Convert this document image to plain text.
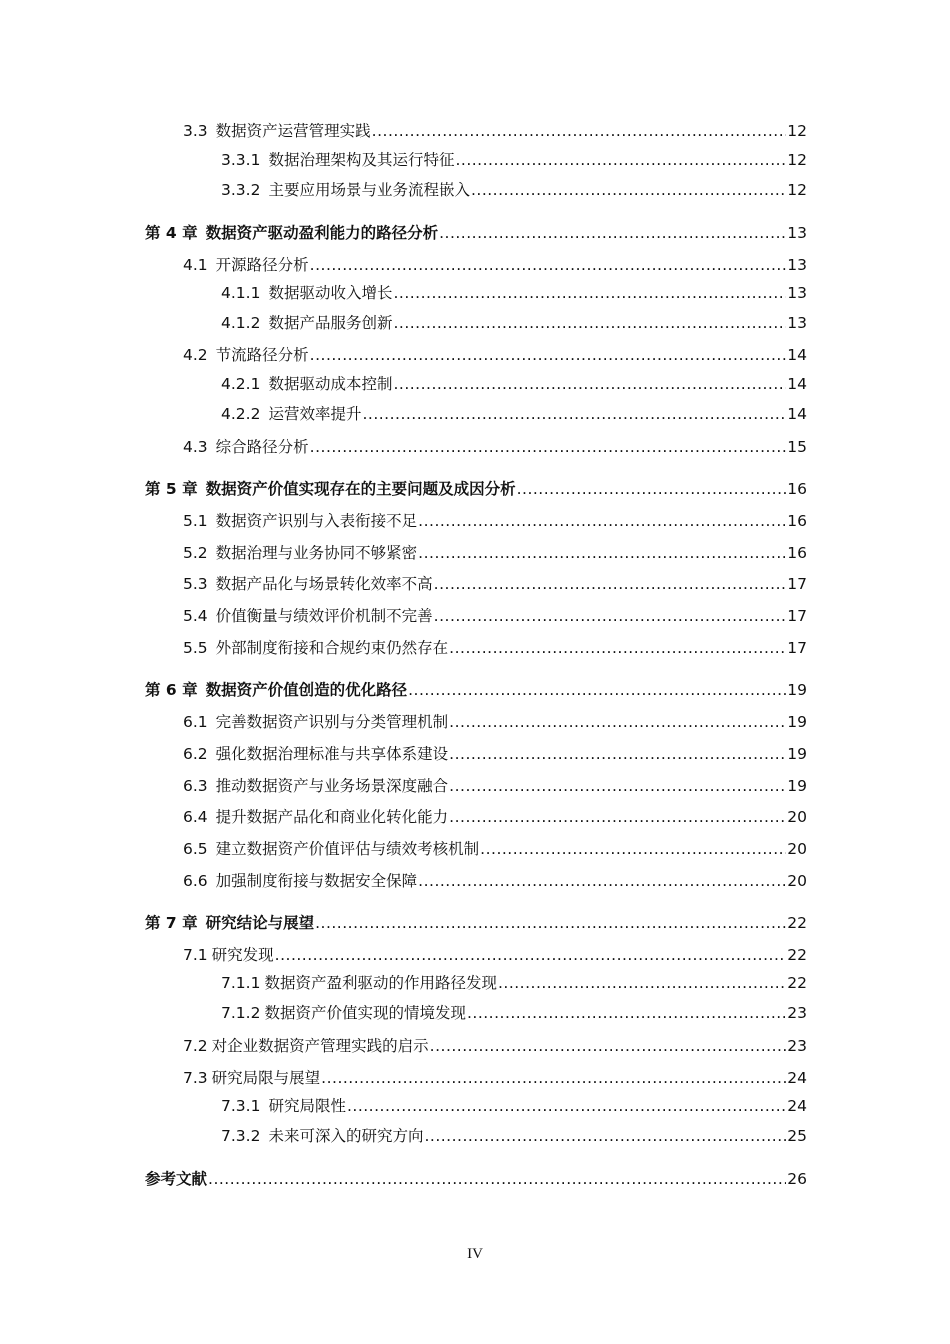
3.3 数据资产运营管理实践 .....	12
3.3.1 数据治理架构及其运行特征 .....	12
3.3.2 主要应用场景与业务流程嵌入 .....	12
第 4 章 数据资产驱动盈利能力的路径分析 .....	13
4.1 开源路径分析 .....	13
4.1.1 数据驱动收入增长 .....	13
4.1.2 数据产品服务创新 .....	13
4.2 节流路径分析 .....	14
4.2.1 数据驱动成本控制 .....	14
4.2.2 运营效率提升 .....	14
4.3 综合路径分析 .....	15
第 5 章 数据资产价值实现存在的主要问题及成因分析 .....	16
5.1 数据资产识别与入表衔接不足 .....	16
5.2 数据治理与业务协同不够紧密 .....	16
5.3 数据产品化与场景转化效率不高 .....	17
5.4 价值衡量与绩效评价机制不完善 .....	17
5.5 外部制度衔接和合规约束仍然存在 .....	17
第 6 章 数据资产价值创造的优化路径 .....	19
6.1 完善数据资产识别与分类管理机制 .....	19
6.2 强化数据治理标准与共享体系建设 .....	19
6.3 推动数据资产与业务场景深度融合 .....	19
6.4 提升数据产品化和商业化转化能力 .....	20
6.5 建立数据资产价值评估与绩效考核机制 .....	20
6.6 加强制度衔接与数据安全保障 .....	20
第 7 章 研究结论与展望 .....	22
7.1 研究发现 .....	22
7.1.1 数据资产盈利驱动的作用路径发现 .....	22
7.1.2 数据资产价值实现的情境发现 .....	23
7.2 对企业数据资产管理实践的启示 .....	23
7.3 研究局限与展望 .....	24
7.3.1 研究局限性 .....	24
7.3.2 未来可深入的研究方向 .....	25
参考文献 .....	26
IV
